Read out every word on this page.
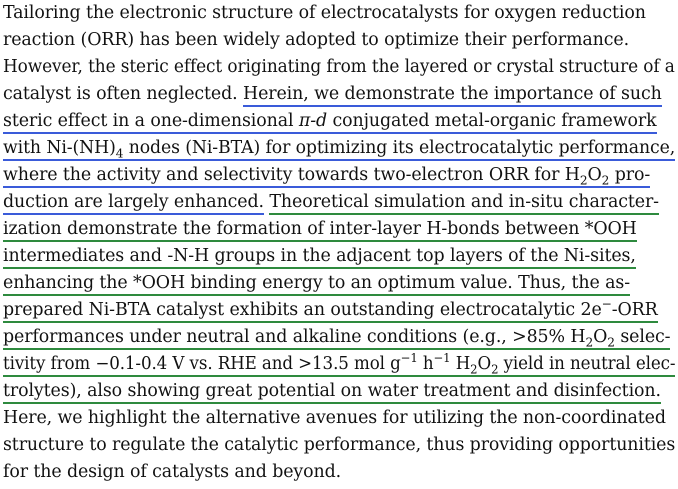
Tailoring the electronic structure of electrocatalysts for oxygen reduction
reaction (ORR) has been widely adopted to optimize their performance.
However, the steric effect originating from the layered or crystal structure of a
catalyst is often neglected. Herein, we demonstrate the importance of such
steric effect in a one-dimensional π-d conjugated metal-organic framework
with $Ni-(NH)_4$ nodes (Ni-BTA) for optimizing its electrocatalytic performance,
where the activity and selectivity towards two-electron ORR for $H_2O_2$ pro-
duction are largely enhanced. Theoretical simulation and in-situ character-
ization demonstrate the formation of inter-layer H-bonds between *OOH
intermediates and -N-H groups in the adjacent top layers of the Ni-sites,
enhancing the *OOH binding energy to an optimum value. Thus, the as-
prepared Ni-BTA catalyst exhibits an outstanding electrocatalytic 2e−-ORR
performances under neutral and alkaline conditions (e.g., >85% $H_2O_2$ selec-
tivity from −0.1-0.4 V vs. RHE and >13.5 mol $g^{-1}$ $h^{-1}$ $H_2O_2$ yield in neutral elec-
trolytes), also showing great potential on water treatment and disinfection.
Here, we highlight the alternative avenues for utilizing the non-coordinated
structure to regulate the catalytic performance, thus providing opportunities
for the design of catalysts and beyond.
